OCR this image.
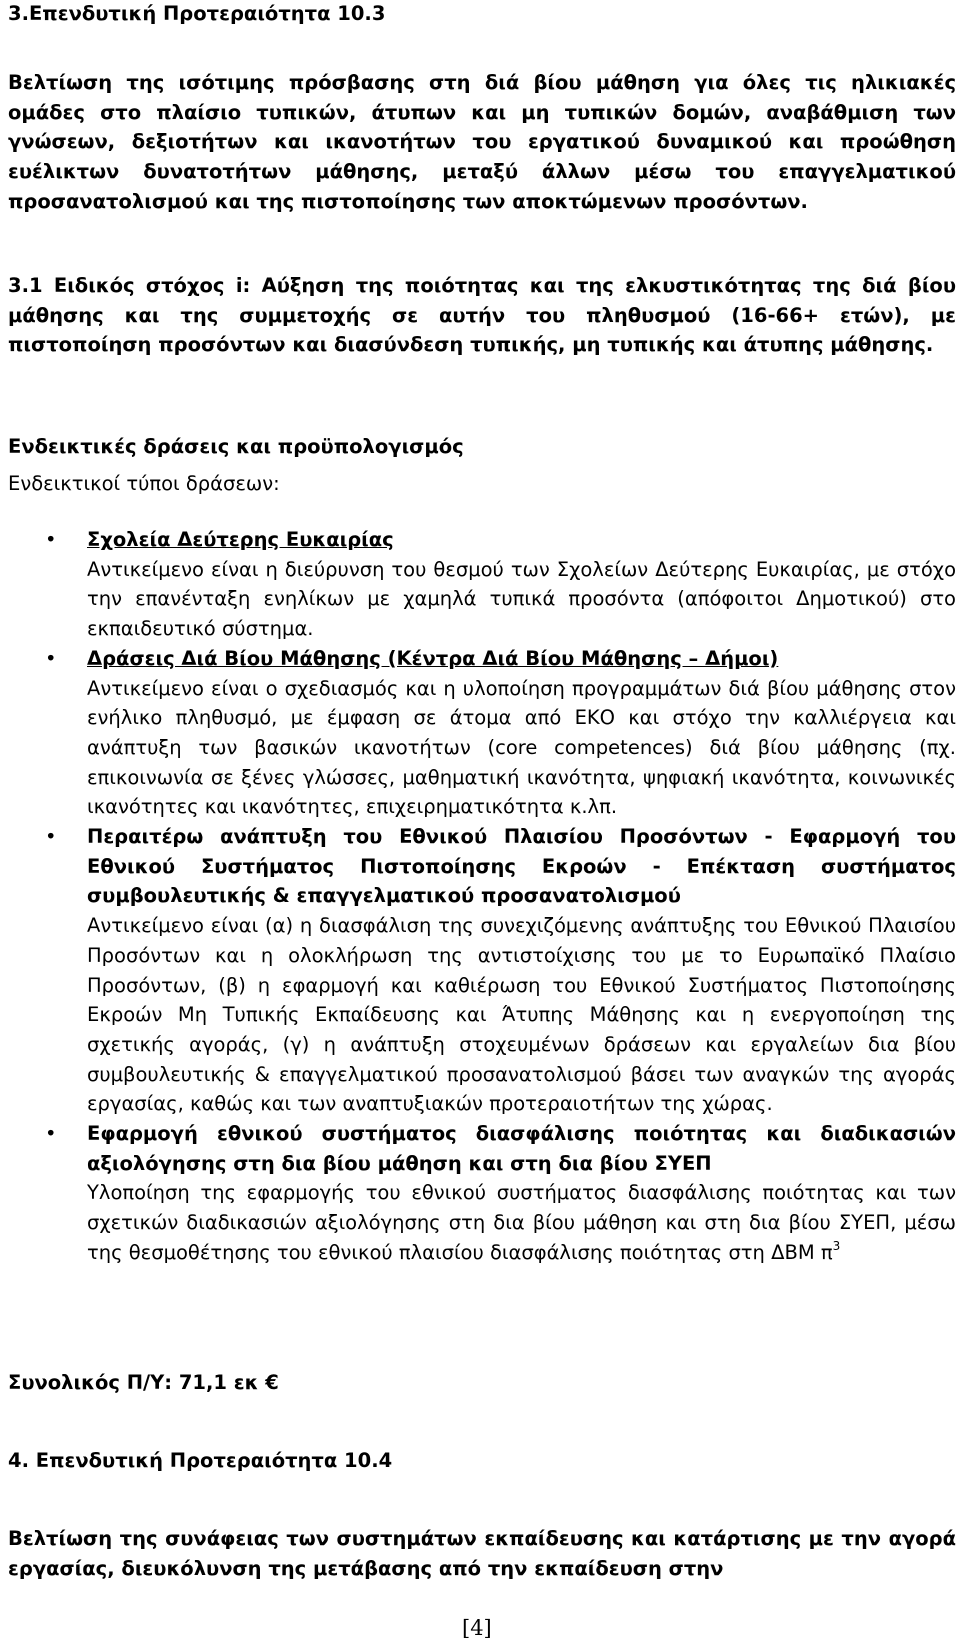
3.Επενδυτική Προτεραιότητα 10.3
Βελτίωση της ισότιμης πρόσβασης στη διά βίου μάθηση για όλες τις ηλικιακές ομάδες στο πλαίσιο τυπικών, άτυπων και μη τυπικών δομών, αναβάθμιση των γνώσεων, δεξιοτήτων και ικανοτήτων του εργατικού δυναμικού και προώθηση ευέλικτων δυνατοτήτων μάθησης, μεταξύ άλλων μέσω του επαγγελματικού προσανατολισμού και της πιστοποίησης των αποκτώμενων προσόντων.
3.1 Ειδικός στόχος i: Αύξηση της ποιότητας και της ελκυστικότητας της διά βίου μάθησης και της συμμετοχής σε αυτήν του πληθυσμού (16-66+ ετών), με πιστοποίηση προσόντων και διασύνδεση τυπικής, μη τυπικής και άτυπης μάθησης.
Ενδεικτικές δράσεις και προϋπολογισμός
Ενδεικτικοί τύποι δράσεων:
• Σχολεία Δεύτερης Ευκαιρίας
Αντικείμενο είναι η διεύρυνση του θεσμού των Σχολείων Δεύτερης Ευκαιρίας, με στόχο την επανένταξη ενηλίκων με χαμηλά τυπικά προσόντα (απόφοιτοι Δημοτικού) στο εκπαιδευτικό σύστημα.
• Δράσεις Διά Βίου Μάθησης (Κέντρα Διά Βίου Μάθησης – Δήμοι)
Αντικείμενο είναι ο σχεδιασμός και η υλοποίηση προγραμμάτων διά βίου μάθησης στον ενήλικο πληθυσμό, με έμφαση σε άτομα από ΕΚΟ και στόχο την καλλιέργεια και ανάπτυξη των βασικών ικανοτήτων (core competences) διά βίου μάθησης (πχ. επικοινωνία σε ξένες γλώσσες, μαθηματική ικανότητα, ψηφιακή ικανότητα, κοινωνικές ικανότητες και ικανότητες, επιχειρηματικότητα κ.λπ.
• Περαιτέρω ανάπτυξη του Εθνικού Πλαισίου Προσόντων - Εφαρμογή του Εθνικού Συστήματος Πιστοποίησης Εκροών - Επέκταση συστήματος συμβουλευτικής & επαγγελματικού προσανατολισμού
Αντικείμενο είναι (α) η διασφάλιση της συνεχιζόμενης ανάπτυξης του Εθνικού Πλαισίου Προσόντων και η ολοκλήρωση της αντιστοίχισης του με το Ευρωπαϊκό Πλαίσιο Προσόντων, (β) η εφαρμογή και καθιέρωση του Εθνικού Συστήματος Πιστοποίησης Εκροών Μη Τυπικής Εκπαίδευσης και Άτυπης Μάθησης και η ενεργοποίηση της σχετικής αγοράς, (γ) η ανάπτυξη στοχευμένων δράσεων και εργαλείων δια βίου συμβουλευτικής & επαγγελματικού προσανατολισμού βάσει των αναγκών της αγοράς εργασίας, καθώς και των αναπτυξιακών προτεραιοτήτων της χώρας.
• Εφαρμογή εθνικού συστήματος διασφάλισης ποιότητας και διαδικασιών αξιολόγησης στη δια βίου μάθηση και στη δια βίου ΣΥΕΠ
Υλοποίηση της εφαρμογής του εθνικού συστήματος διασφάλισης ποιότητας και των σχετικών διαδικασιών αξιολόγησης στη δια βίου μάθηση και στη δια βίου ΣΥΕΠ, μέσω της θεσμοθέτησης του εθνικού πλαισίου διασφάλισης ποιότητας στη ΔΒΜ $\pi^3$
Συνολικός Π/Υ: 71,1 εκ €
4. Επενδυτική Προτεραιότητα 10.4
Βελτίωση της συνάφειας των συστημάτων εκπαίδευσης και κατάρτισης με την αγορά εργασίας, διευκόλυνση της μετάβασης από την εκπαίδευση στην
[4]
